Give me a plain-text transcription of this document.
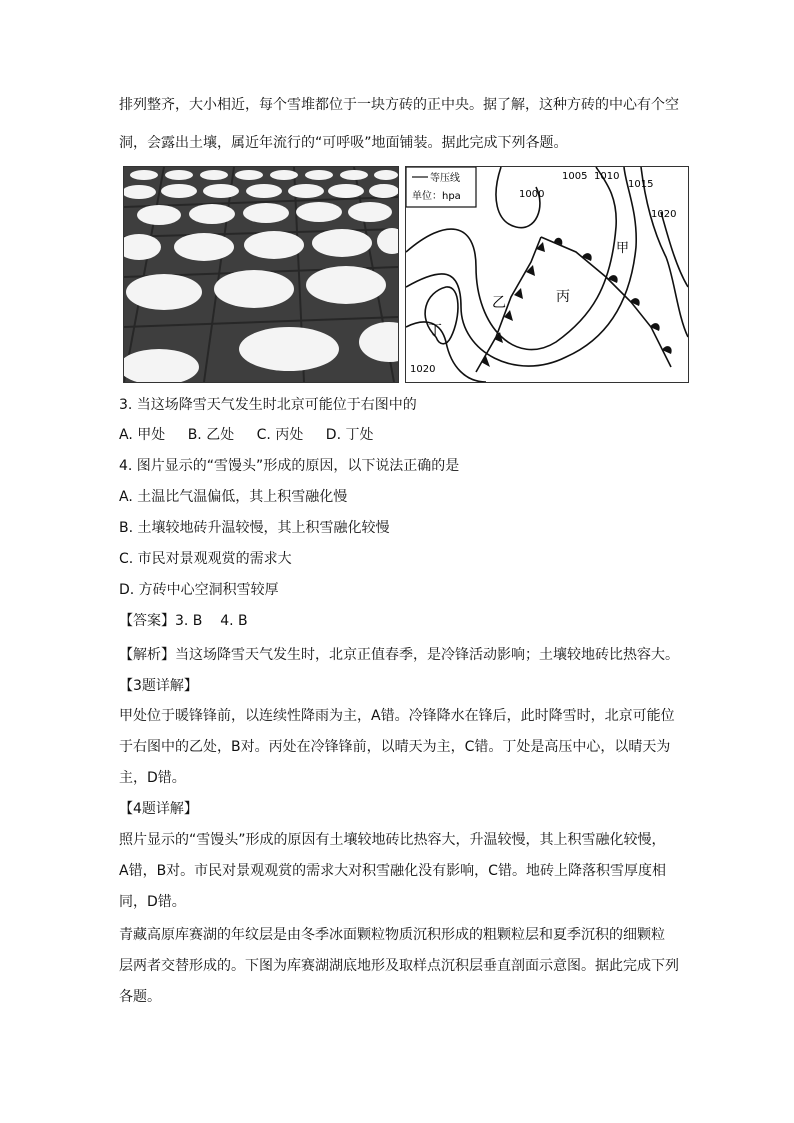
排列整齐，大小相近，每个雪堆都位于一块方砖的正中央。据了解，这种方砖的中心有个空
洞，会露出土壤，属近年流行的“可呼吸”地面铺装。据此完成下列各题。
等压线
单位：hpa	1000
1005 1010
1015
1020
1020
甲
乙	丙
丁
3. 当这场降雪天气发生时北京可能位于右图中的
A. 甲处 B. 乙处 C. 丙处 D. 丁处
4. 图片显示的“雪馒头”形成的原因，以下说法正确的是
A. 土温比气温偏低，其上积雪融化慢
B. 土壤较地砖升温较慢，其上积雪融化较慢
C. 市民对景观观赏的需求大
D. 方砖中心空洞积雪较厚
【答案】3. B    4. B
【解析】当这场降雪天气发生时，北京正值春季，是冷锋活动影响；土壤较地砖比热容大。
【3题详解】
甲处位于暖锋锋前，以连续性降雨为主，A错。冷锋降水在锋后，此时降雪时，北京可能位
于右图中的乙处，B对。丙处在冷锋锋前，以晴天为主，C错。丁处是高压中心，以晴天为
主，D错。
【4题详解】
照片显示的“雪馒头”形成的原因有土壤较地砖比热容大，升温较慢，其上积雪融化较慢，
A错，B对。市民对景观观赏的需求大对积雪融化没有影响，C错。地砖上降落积雪厚度相
同，D错。
青藏高原库赛湖的年纹层是由冬季冰面颗粒物质沉积形成的粗颗粒层和夏季沉积的细颗粒
层两者交替形成的。下图为库赛湖湖底地形及取样点沉积层垂直剖面示意图。据此完成下列
各题。
